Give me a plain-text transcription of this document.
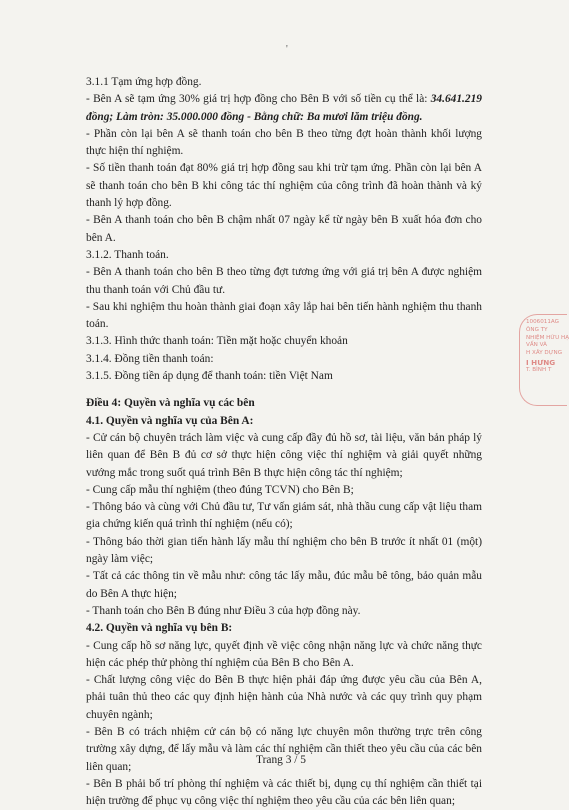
'

3.1.1 Tạm ứng hợp đồng.

- Bên A sẽ tạm ứng 30% giá trị hợp đồng cho Bên B với số tiền cụ thể là: 34.641.219 đồng; Làm tròn: 35.000.000 đồng - Bằng chữ: Ba mươi lăm triệu đồng.

- Phần còn lại bên A sẽ thanh toán cho bên B theo từng đợt hoàn thành khối lượng thực hiện thí nghiệm.

- Số tiền thanh toán đạt 80% giá trị hợp đồng sau khi trừ tạm ứng. Phần còn lại bên A sẽ thanh toán cho bên B khi công tác thí nghiệm của công trình đã hoàn thành và ký thanh lý hợp đồng.

- Bên A thanh toán cho bên B chậm nhất 07 ngày kể từ ngày bên B xuất hóa đơn cho bên A.

3.1.2. Thanh toán.

- Bên A thanh toán cho bên B theo từng đợt tương ứng với giá trị bên A được nghiệm thu thanh toán với Chủ đầu tư.

- Sau khi nghiệm thu hoàn thành giai đoạn xây lắp hai bên tiến hành nghiệm thu thanh toán.

3.1.3. Hình thức thanh toán: Tiền mặt hoặc chuyển khoản

3.1.4. Đồng tiền thanh toán:

3.1.5. Đồng tiền áp dụng để thanh toán: tiền Việt Nam

Điều 4: Quyền và nghĩa vụ các bên

4.1. Quyền và nghĩa vụ của Bên A:

- Cử cán bộ chuyên trách làm việc và cung cấp đầy đủ hồ sơ, tài liệu, văn bản pháp lý liên quan để Bên B đủ cơ sở thực hiện công việc thí nghiệm và giải quyết những vướng mắc trong suốt quá trình Bên B thực hiện công tác thí nghiệm;

- Cung cấp mẫu thí nghiệm (theo đúng TCVN) cho Bên B;

- Thông báo và cùng với Chủ đầu tư, Tư vấn giám sát, nhà thầu cung cấp vật liệu tham gia chứng kiến quá trình thí nghiệm (nếu có);

- Thông báo thời gian tiến hành lấy mẫu thí nghiệm cho bên B trước ít nhất 01 (một) ngày làm việc;

- Tất cả các thông tin về mẫu như: công tác lấy mẫu, đúc mẫu bê tông, bảo quản mẫu do Bên A thực hiện;

- Thanh toán cho Bên B đúng như Điều 3 của hợp đồng này.

4.2. Quyền và nghĩa vụ bên B:

- Cung cấp hồ sơ năng lực, quyết định về việc công nhận năng lực và chức năng thực hiện các phép thử phòng thí nghiệm của Bên B cho Bên A.

- Chất lượng công việc do Bên B thực hiện phải đáp ứng được yêu cầu của Bên A, phải tuân thủ theo các quy định hiện hành của Nhà nước và các quy trình quy phạm chuyên ngành;

- Bên B có trách nhiệm cử cán bộ có năng lực chuyên môn thường trực trên công trường xây dựng, để lấy mẫu và làm các thí nghiệm cần thiết theo yêu cầu của các bên liên quan;

- Bên B phải bố trí phòng thí nghiệm và các thiết bị, dụng cụ thí nghiệm cần thiết tại hiện trường để phục vụ công việc thí nghiệm theo yêu cầu của các bên liên quan;

1006011AG
ÔNG TY
NHIỆM HỮU HẠ
VẤN VÀ
H XÂY DỰNG
I HƯNG
T. BÌNH T
Trang 3 / 5
